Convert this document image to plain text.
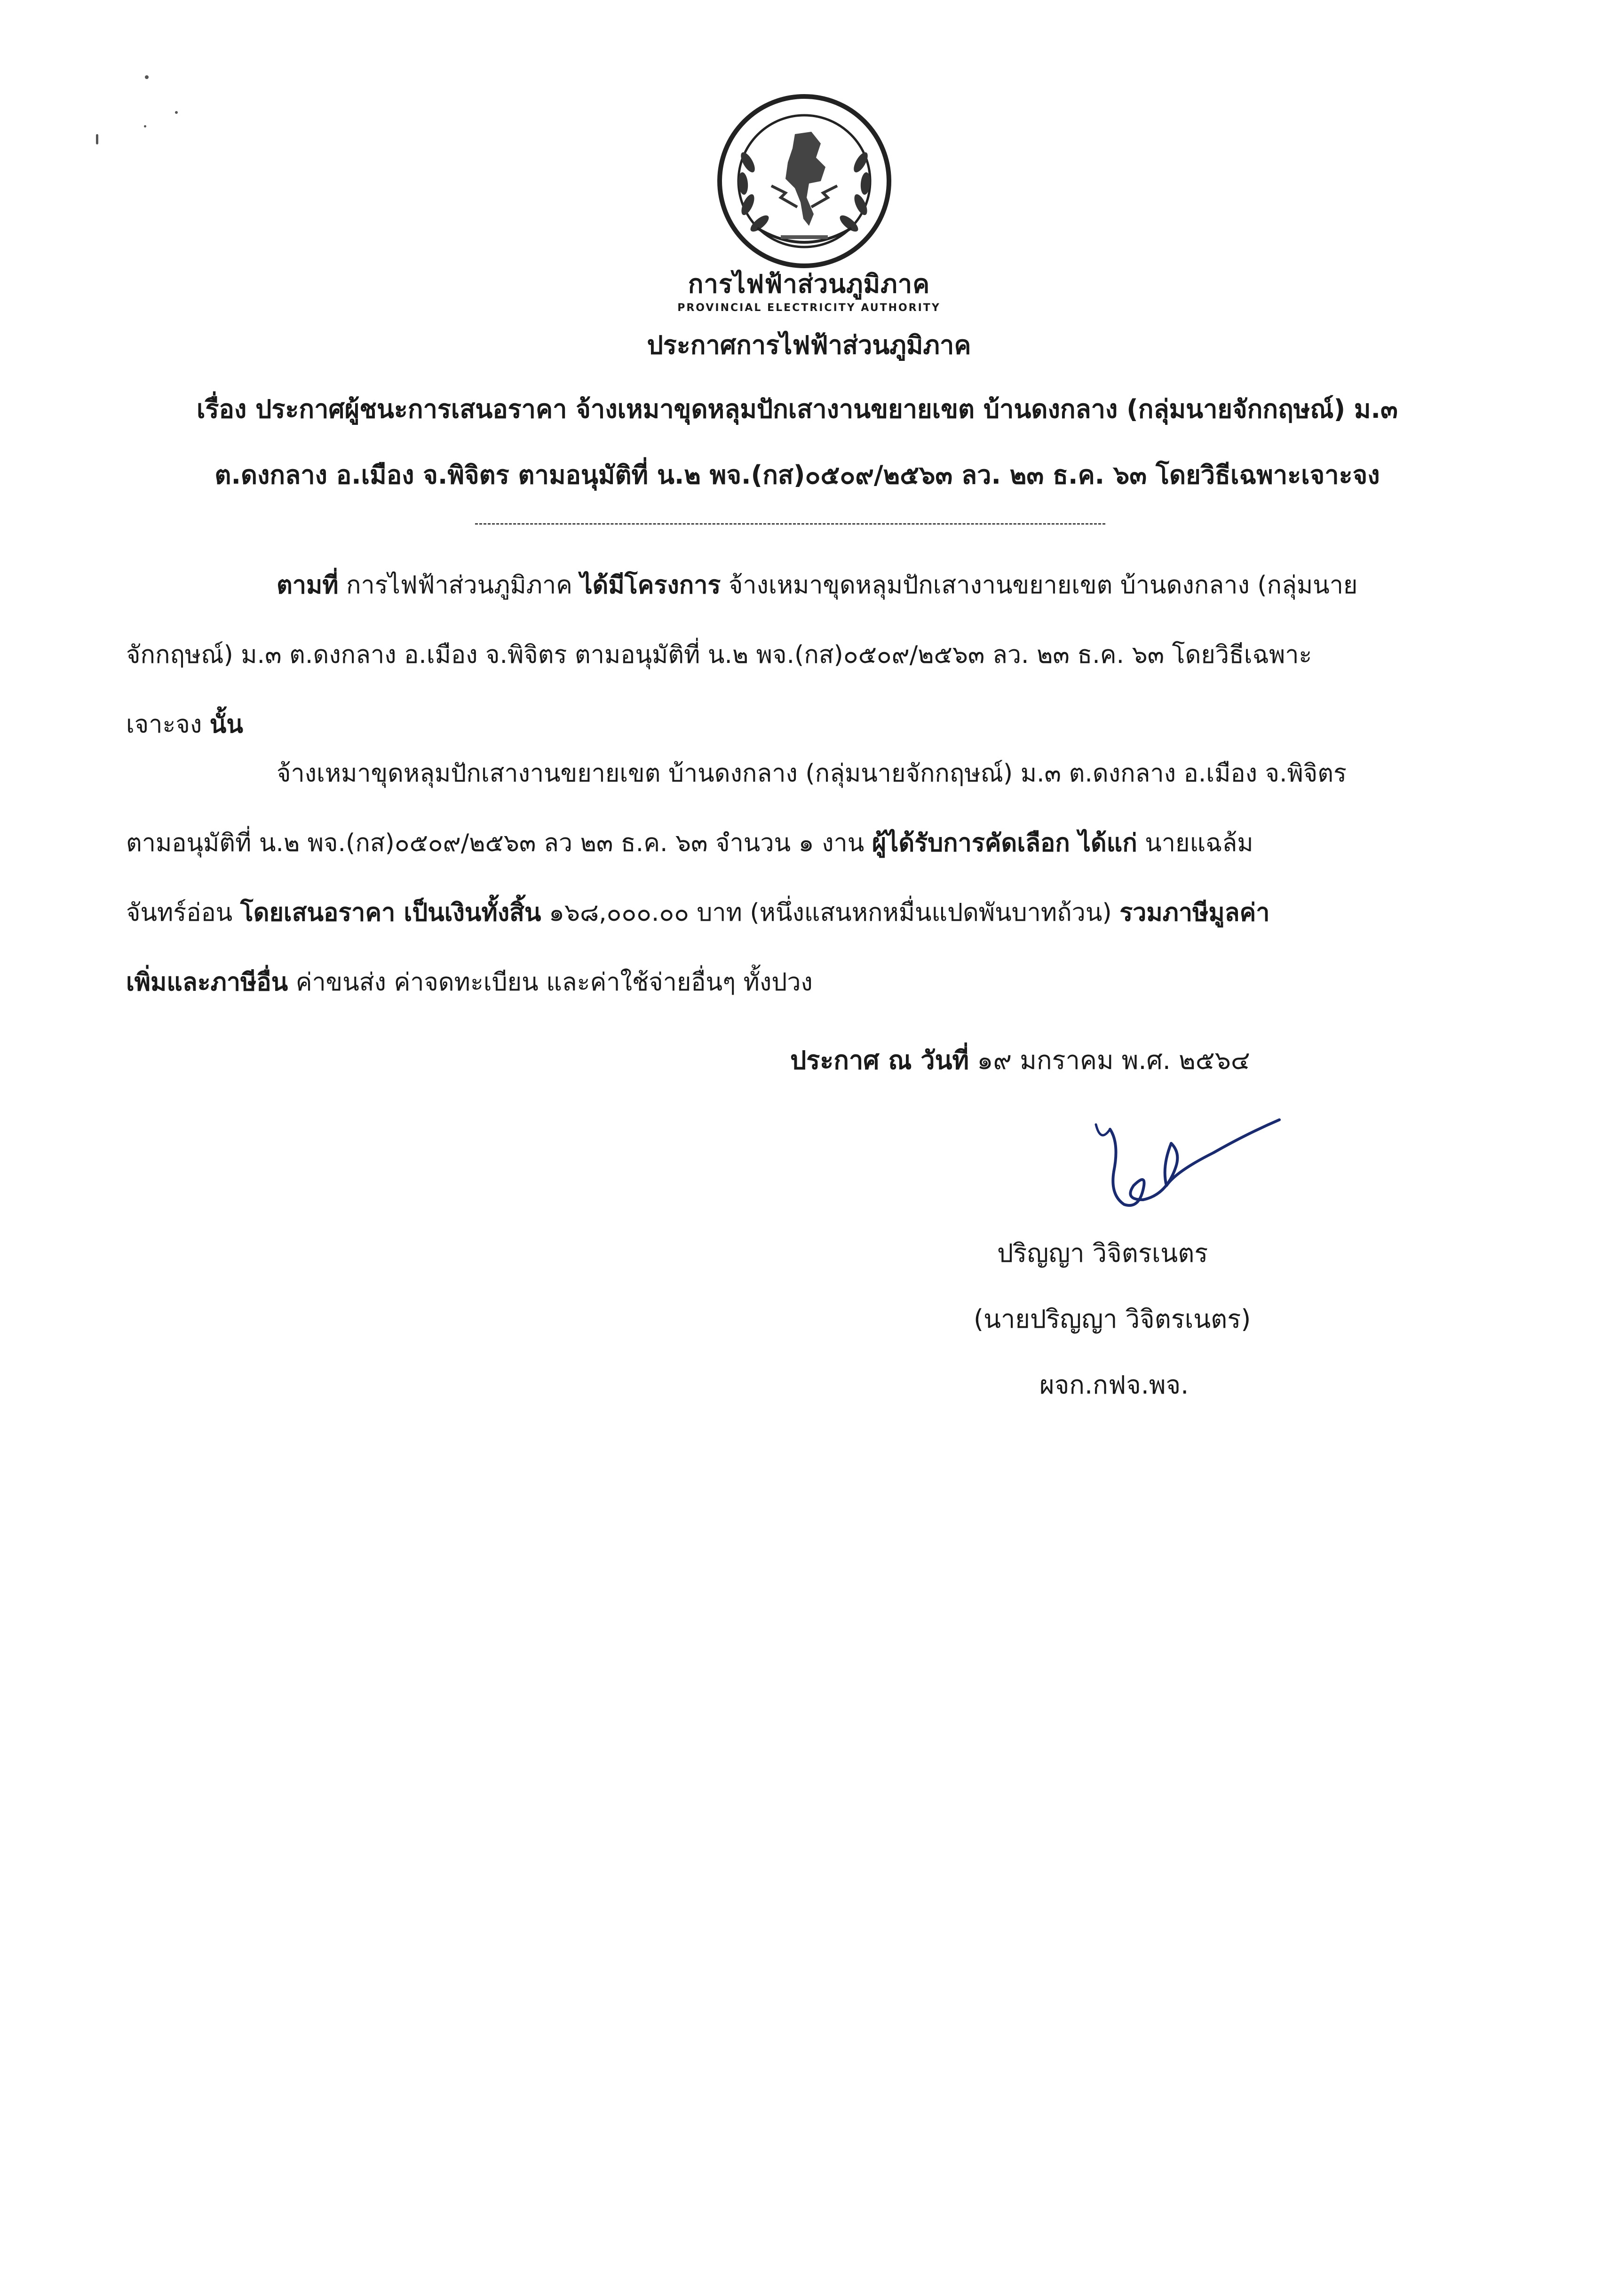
การไฟฟ้าส่วนภูมิภาค
PROVINCIAL ELECTRICITY AUTHORITY
ประกาศการไฟฟ้าส่วนภูมิภาค
เรื่อง ประกาศผู้ชนะการเสนอราคา จ้างเหมาขุดหลุมปักเสางานขยายเขต บ้านดงกลาง (กลุ่มนายจักกฤษณ์) ม.๓
ต.ดงกลาง อ.เมือง จ.พิจิตร ตามอนุมัติที่ น.๒ พจ.(กส)๐๕๐๙/๒๕๖๓ ลว. ๒๓ ธ.ค. ๖๓ โดยวิธีเฉพาะเจาะจง
ตามที่ การไฟฟ้าส่วนภูมิภาค ได้มีโครงการ จ้างเหมาขุดหลุมปักเสางานขยายเขต บ้านดงกลาง (กลุ่มนาย
จักกฤษณ์) ม.๓ ต.ดงกลาง อ.เมือง จ.พิจิตร ตามอนุมัติที่ น.๒ พจ.(กส)๐๕๐๙/๒๕๖๓ ลว. ๒๓ ธ.ค. ๖๓ โดยวิธีเฉพาะ
เจาะจง นั้น
จ้างเหมาขุดหลุมปักเสางานขยายเขต บ้านดงกลาง (กลุ่มนายจักกฤษณ์) ม.๓ ต.ดงกลาง อ.เมือง จ.พิจิตร
ตามอนุมัติที่ น.๒ พจ.(กส)๐๕๐๙/๒๕๖๓ ลว ๒๓ ธ.ค. ๖๓ จำนวน ๑ งาน ผู้ได้รับการคัดเลือก ได้แก่ นายแฉล้ม
จันทร์อ่อน โดยเสนอราคา เป็นเงินทั้งสิ้น ๑๖๘,๐๐๐.๐๐ บาท (หนึ่งแสนหกหมื่นแปดพันบาทถ้วน) รวมภาษีมูลค่า
เพิ่มและภาษีอื่น ค่าขนส่ง ค่าจดทะเบียน และค่าใช้จ่ายอื่นๆ ทั้งปวง
ประกาศ ณ วันที่ ๑๙ มกราคม พ.ศ. ๒๕๖๔
ปริญญา วิจิตรเนตร
(นายปริญญา วิจิตรเนตร)
ผจก.กฟจ.พจ.
